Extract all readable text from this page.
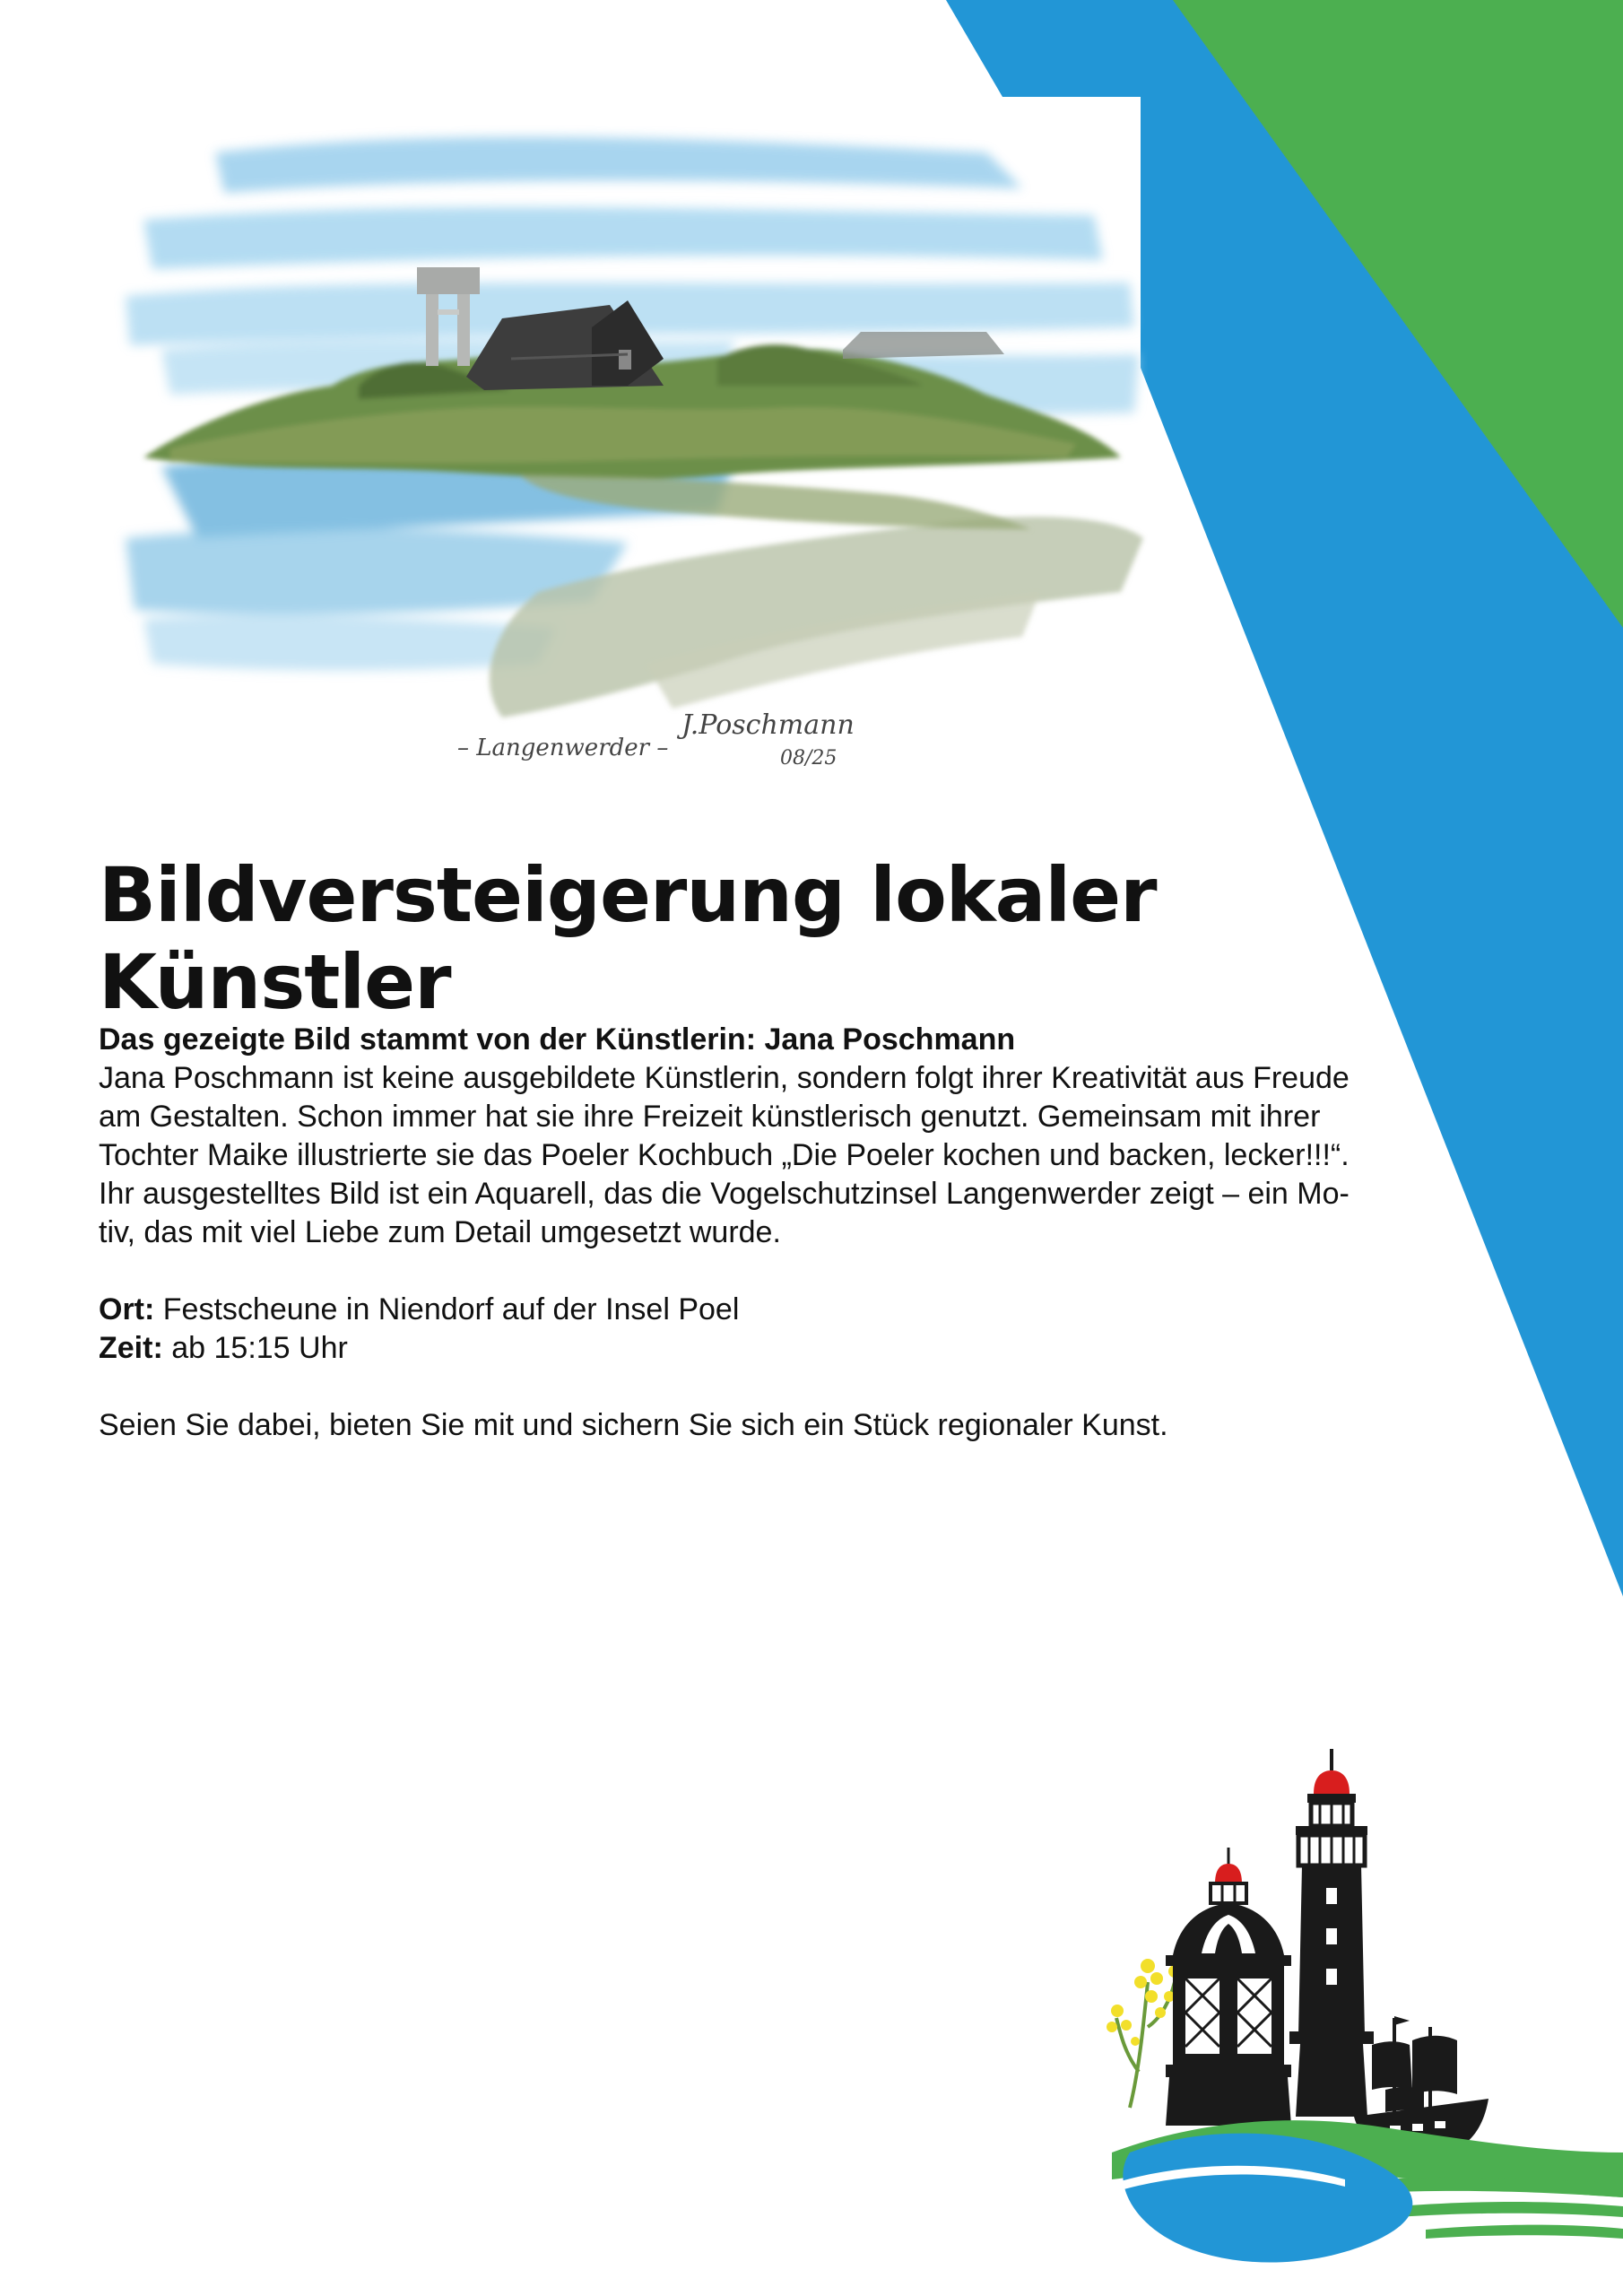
– Langenwerder –
J.Poschmann
08/25
Bildversteigerung lokaler Künstler

Das gezeigte Bild stammt von der Künstlerin: Jana Poschmann

Jana Poschmann ist keine ausgebildete Künstlerin, sondern folgt ihrer Kreativität aus Freude

am Gestalten. Schon immer hat sie ihre Freizeit künstlerisch genutzt. Gemeinsam mit ihrer

Tochter Maike illustrierte sie das Poeler Kochbuch „Die Poeler kochen und backen, lecker!!!“.

Ihr ausgestelltes Bild ist ein Aquarell, das die Vogelschutzinsel Langenwerder zeigt – ein Mo-

tiv, das mit viel Liebe zum Detail umgesetzt wurde.

Ort: Festscheune in Niendorf auf der Insel Poel

Zeit: ab 15:15 Uhr

Seien Sie dabei, bieten Sie mit und sichern Sie sich ein Stück regionaler Kunst.
